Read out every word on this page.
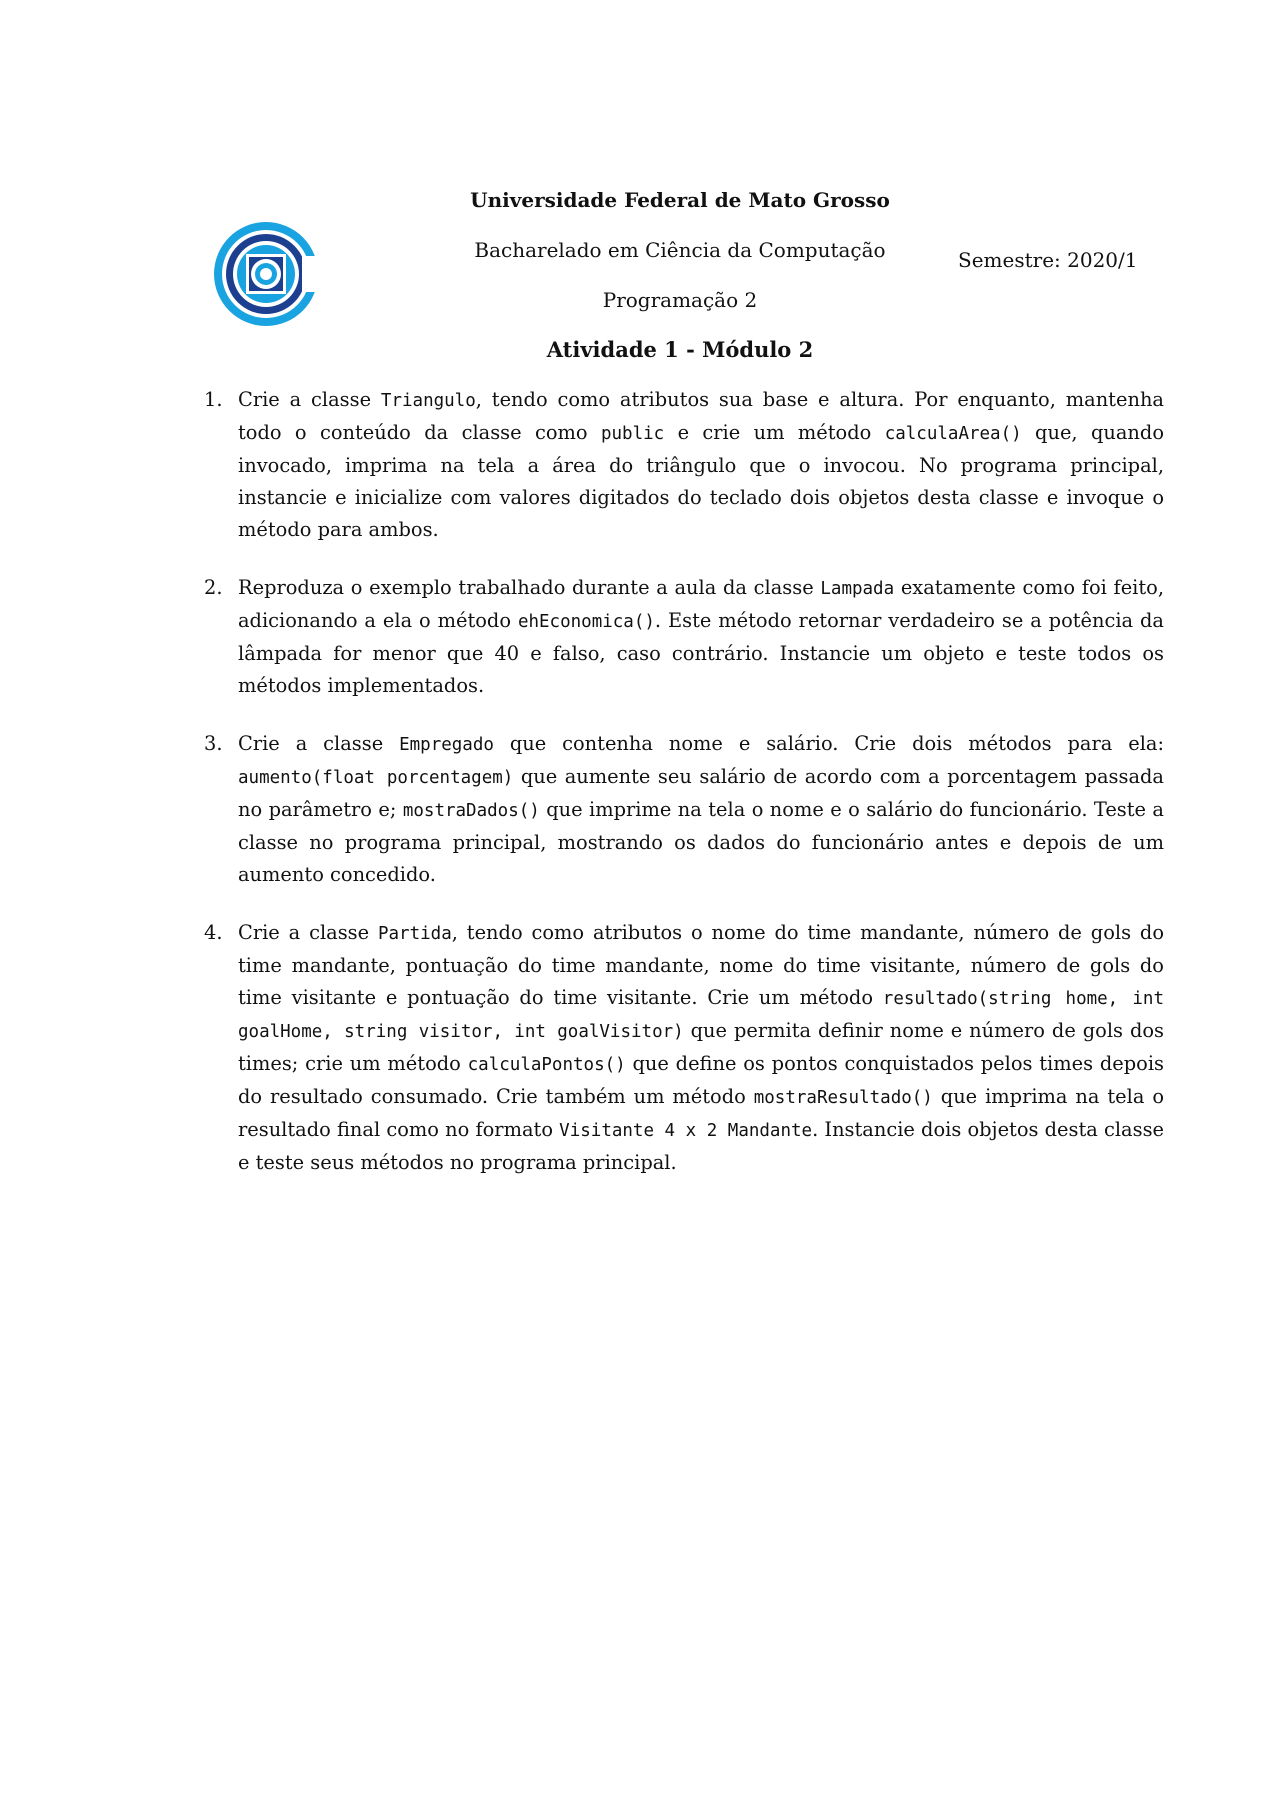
Universidade Federal de Mato Grosso
Bacharelado em Ciência da Computação
Programação 2
Atividade 1 - Módulo 2
Semestre: 2020/1
1. Crie a classe Triangulo, tendo como atributos sua base e altura. Por enquanto, mantenha todo o conteúdo da classe como public e crie um método calculaArea() que, quando invocado, imprima na tela a área do triângulo que o invocou. No programa principal, instancie e inicialize com valores digitados do teclado dois objetos desta classe e invoque o método para ambos.
2. Reproduza o exemplo trabalhado durante a aula da classe Lampada exatamente como foi feito, adicionando a ela o método ehEconomica(). Este método retornar verdadeiro se a potência da lâmpada for menor que 40 e falso, caso contrário. Instancie um objeto e teste todos os métodos implementados.
3. Crie a classe Empregado que contenha nome e salário. Crie dois métodos para ela: aumento(float porcentagem) que aumente seu salário de acordo com a porcentagem passada no parâmetro e; mostraDados() que imprime na tela o nome e o salário do funcionário. Teste a classe no programa principal, mostrando os dados do funcionário antes e depois de um aumento concedido.
4. Crie a classe Partida, tendo como atributos o nome do time mandante, número de gols do time mandante, pontuação do time mandante, nome do time visitante, número de gols do time visitante e pontuação do time visitante. Crie um método resultado(string home, int goalHome, string visitor, int goalVisitor) que permita definir nome e número de gols dos times; crie um método calculaPontos() que define os pontos conquistados pelos times depois do resultado consumado. Crie também um método mostraResultado() que imprima na tela o resultado final como no formato Visitante 4 x 2 Mandante. Instancie dois objetos desta classe e teste seus métodos no programa principal.
